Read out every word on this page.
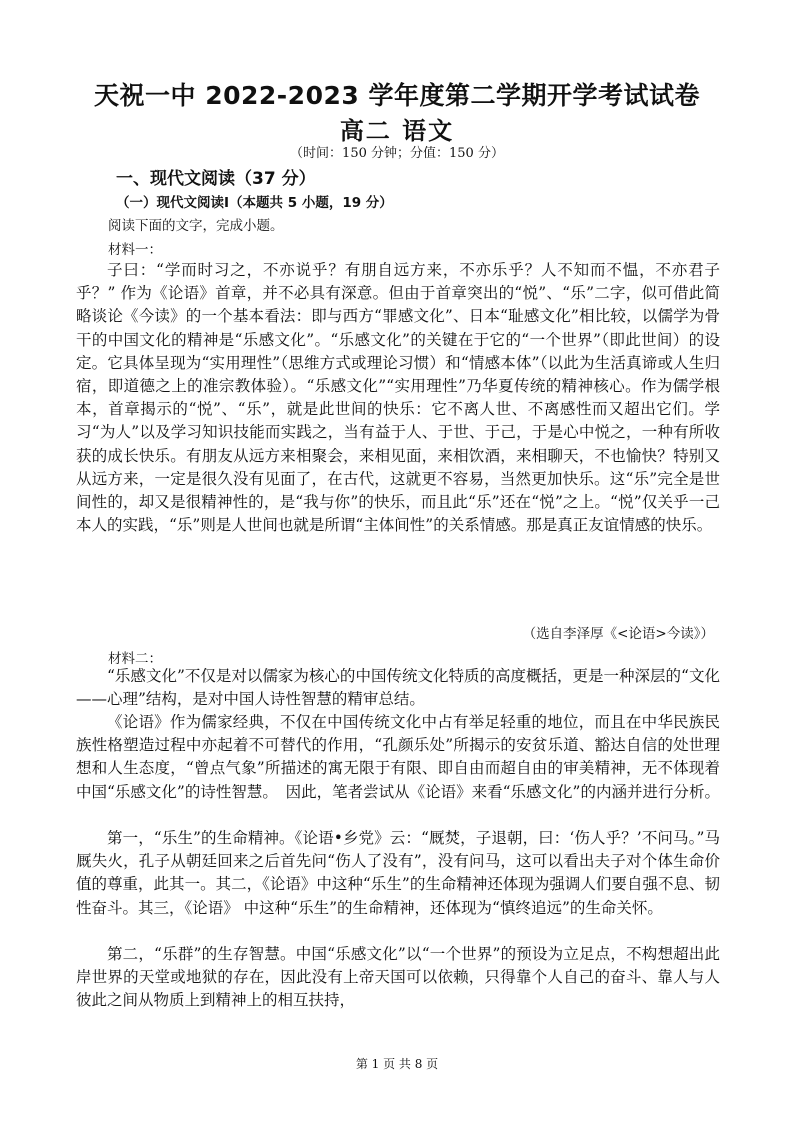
天祝一中 2022-2023 学年度第二学期开学考试试卷
高二 语文
（时间：150 分钟；分值：150 分）
一、现代文阅读（37 分）
（一）现代文阅读Ⅰ（本题共 5 小题，19 分）
阅读下面的文字，完成小题。
材料一：

子曰：“学而时习之，不亦说乎？有朋自远方来，不亦乐乎？人不知而不愠，不亦君子乎？” 作为《论语》首章，并不必具有深意。但由于首章突出的“悦”、“乐”二字，似可借此简略谈论《今读》的一个基本看法：即与西方“罪感文化”、日本“耻感文化”相比较，以儒学为骨干的中国文化的精神是“乐感文化”。“乐感文化”的关键在于它的“一个世界”（即此世间）的设定。它具体呈现为“实用理性”（思维方式或理论习惯）和“情感本体”（以此为生活真谛或人生归宿，即道德之上的准宗教体验）。“乐感文化”“实用理性”乃华夏传统的精神核心。作为儒学根本，首章揭示的“悦”、“乐”，就是此世间的快乐：它不离人世、不离感性而又超出它们。学习“为人”以及学习知识技能而实践之，当有益于人、于世、于己，于是心中悦之，一种有所收获的成长快乐。有朋友从远方来相聚会，来相见面，来相饮酒，来相聊天，不也愉快？特别又从远方来，一定是很久没有见面了，在古代，这就更不容易，当然更加快乐。这“乐”完全是世间性的，却又是很精神性的，是“我与你”的快乐，而且此“乐”还在“悦”之上。“悦”仅关乎一己本人的实践，“乐”则是人世间也就是所谓“主体间性”的关系情感。那是真正友谊情感的快乐。

（选自李泽厚《<论语>今读》）
材料二：

“乐感文化”不仅是对以儒家为核心的中国传统文化特质的高度概括，更是一种深层的“文化——心理”结构，是对中国人诗性智慧的精审总结。

《论语》作为儒家经典，不仅在中国传统文化中占有举足轻重的地位，而且在中华民族民族性格塑造过程中亦起着不可替代的作用，“孔颜乐处”所揭示的安贫乐道、豁达自信的处世理想和人生态度，“曾点气象”所描述的寓无限于有限、即自由而超自由的审美精神，无不体现着中国“乐感文化”的诗性智慧。　因此，笔者尝试从《论语》来看“乐感文化”的内涵并进行分析。

第一，“乐生”的生命精神。《论语•乡党》云：“厩焚，子退朝，曰：‘伤人乎？’不问马。”马厩失火，孔子从朝廷回来之后首先问“伤人了没有”，没有问马，这可以看出夫子对个体生命价值的尊重，此其一。其二，《论语》中这种“乐生”的生命精神还体现为强调人们要自强不息、韧性奋斗。其三，《论语》 中这种“乐生”的生命精神，还体现为“慎终追远”的生命关怀。

第二，“乐群”的生存智慧。中国“乐感文化”以“一个世界”的预设为立足点，不构想超出此岸世界的天堂或地狱的存在，因此没有上帝天国可以依赖，只得靠个人自己的奋斗、靠人与人彼此之间从物质上到精神上的相互扶持，

第 1 页 共 8 页
